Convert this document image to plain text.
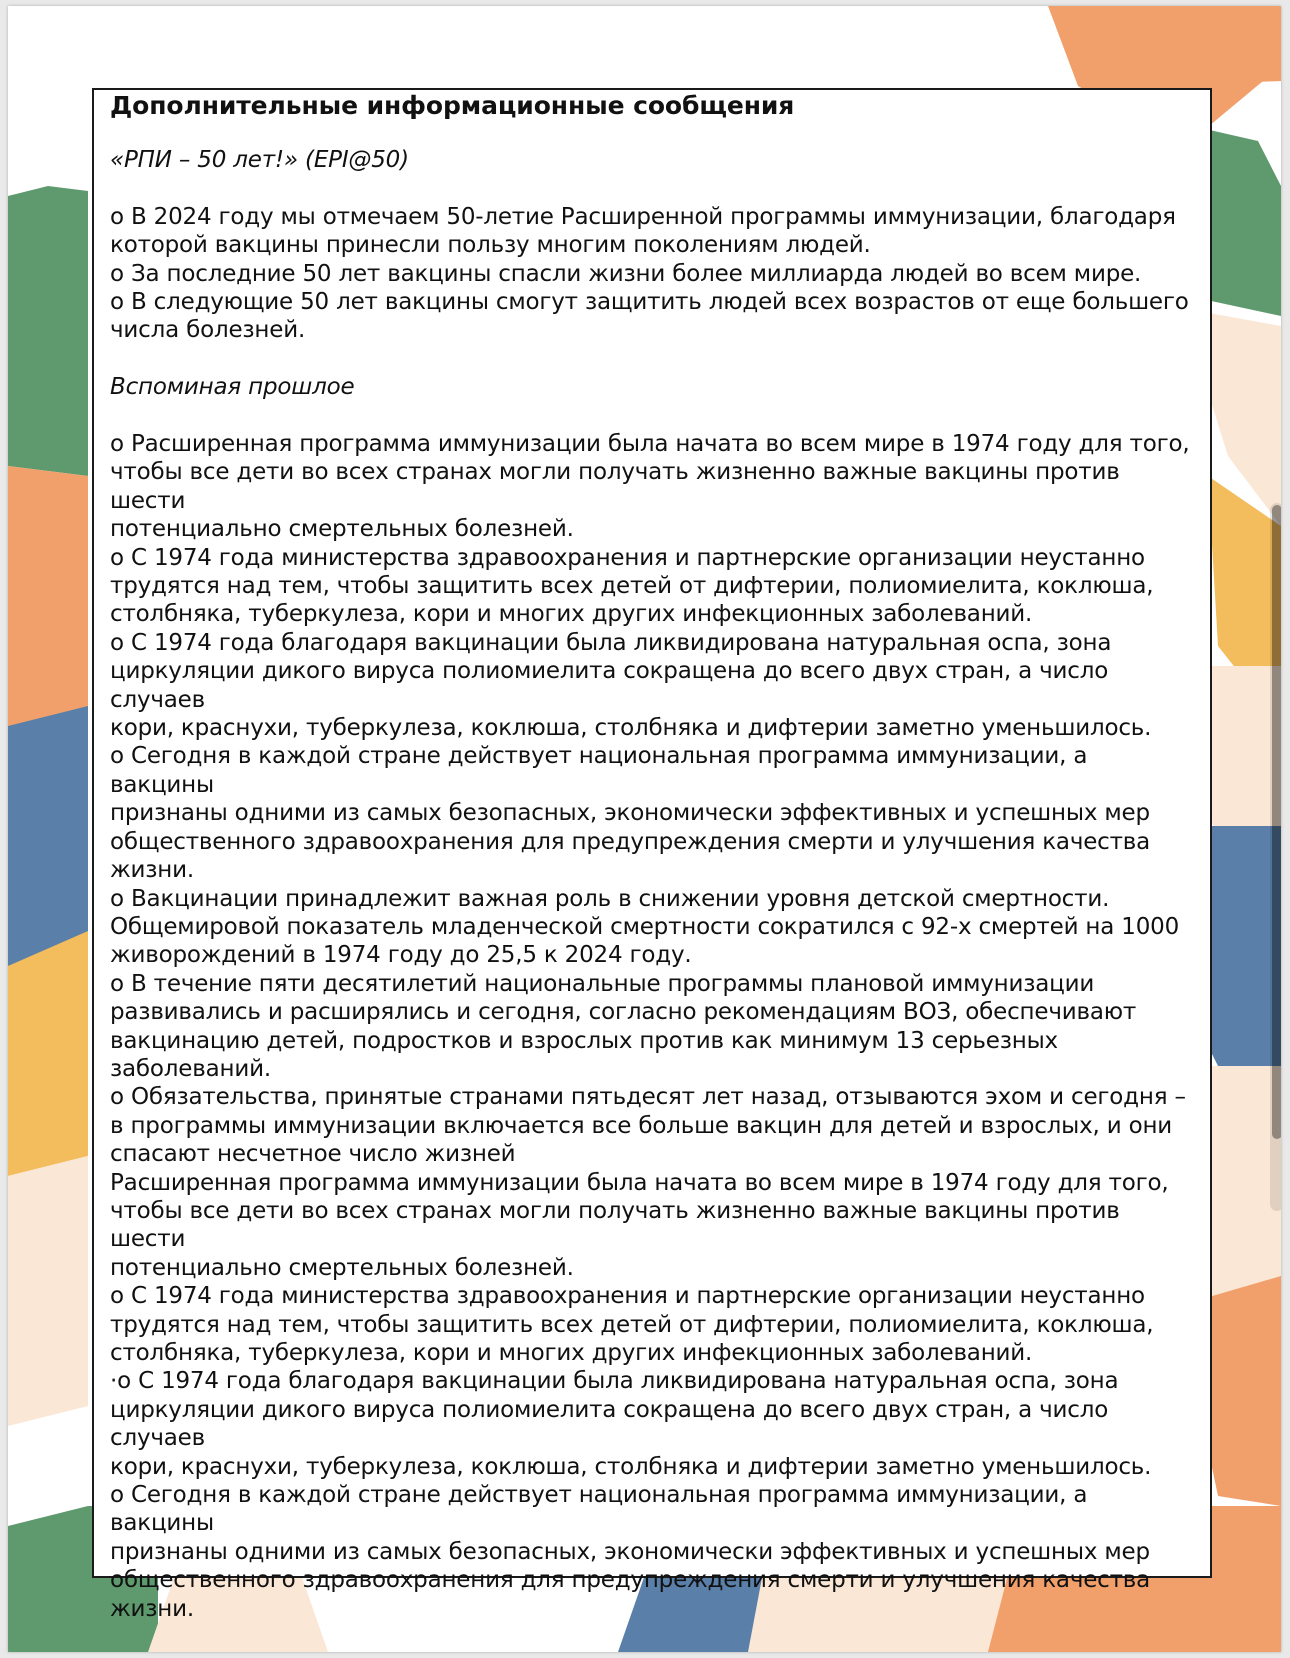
Дополнительные информационные сообщения

«РПИ – 50 лет!» (EPI@50)

o В 2024 году мы отмечаем 50-летие Расширенной программы иммунизации, благодаря

которой вакцины принесли пользу многим поколениям людей.

o За последние 50 лет вакцины спасли жизни более миллиарда людей во всем мире.

o В следующие 50 лет вакцины смогут защитить людей всех возрастов от еще большего

числа болезней.

Вспоминая прошлое

o Расширенная программа иммунизации была начата во всем мире в 1974 году для того,

чтобы все дети во всех странах могли получать жизненно важные вакцины против шести

потенциально смертельных болезней.

o С 1974 года министерства здравоохранения и партнерские организации неустанно

трудятся над тем, чтобы защитить всех детей от дифтерии, полиомиелита, коклюша,

столбняка, туберкулеза, кори и многих других инфекционных заболеваний.

o С 1974 года благодаря вакцинации была ликвидирована натуральная оспа, зона

циркуляции дикого вируса полиомиелита сокращена до всего двух стран, а число случаев

кори, краснухи, туберкулеза, коклюша, столбняка и дифтерии заметно уменьшилось.

o Сегодня в каждой стране действует национальная программа иммунизации, а вакцины

признаны одними из самых безопасных, экономически эффективных и успешных мер

общественного здравоохранения для предупреждения смерти и улучшения качества

жизни.

o Вакцинации принадлежит важная роль в снижении уровня детской смертности.

Общемировой показатель младенческой смертности сократился с 92-х смертей на 1000

живорождений в 1974 году до 25,5 к 2024 году.

o В течение пяти десятилетий национальные программы плановой иммунизации

развивались и расширялись и сегодня, согласно рекомендациям ВОЗ, обеспечивают

вакцинацию детей, подростков и взрослых против как минимум 13 серьезных

заболеваний.

o Обязательства, принятые странами пятьдесят лет назад, отзываются эхом и сегодня –

в программы иммунизации включается все больше вакцин для детей и взрослых, и они

спасают несчетное число жизней

Расширенная программа иммунизации была начата во всем мире в 1974 году для того,

чтобы все дети во всех странах могли получать жизненно важные вакцины против шести

потенциально смертельных болезней.

o С 1974 года министерства здравоохранения и партнерские организации неустанно

трудятся над тем, чтобы защитить всех детей от дифтерии, полиомиелита, коклюша,

столбняка, туберкулеза, кори и многих других инфекционных заболеваний.

·o С 1974 года благодаря вакцинации была ликвидирована натуральная оспа, зона

циркуляции дикого вируса полиомиелита сокращена до всего двух стран, а число случаев

кори, краснухи, туберкулеза, коклюша, столбняка и дифтерии заметно уменьшилось.

o Сегодня в каждой стране действует национальная программа иммунизации, а вакцины

признаны одними из самых безопасных, экономически эффективных и успешных мер

общественного здравоохранения для предупреждения смерти и улучшения качества

жизни.
